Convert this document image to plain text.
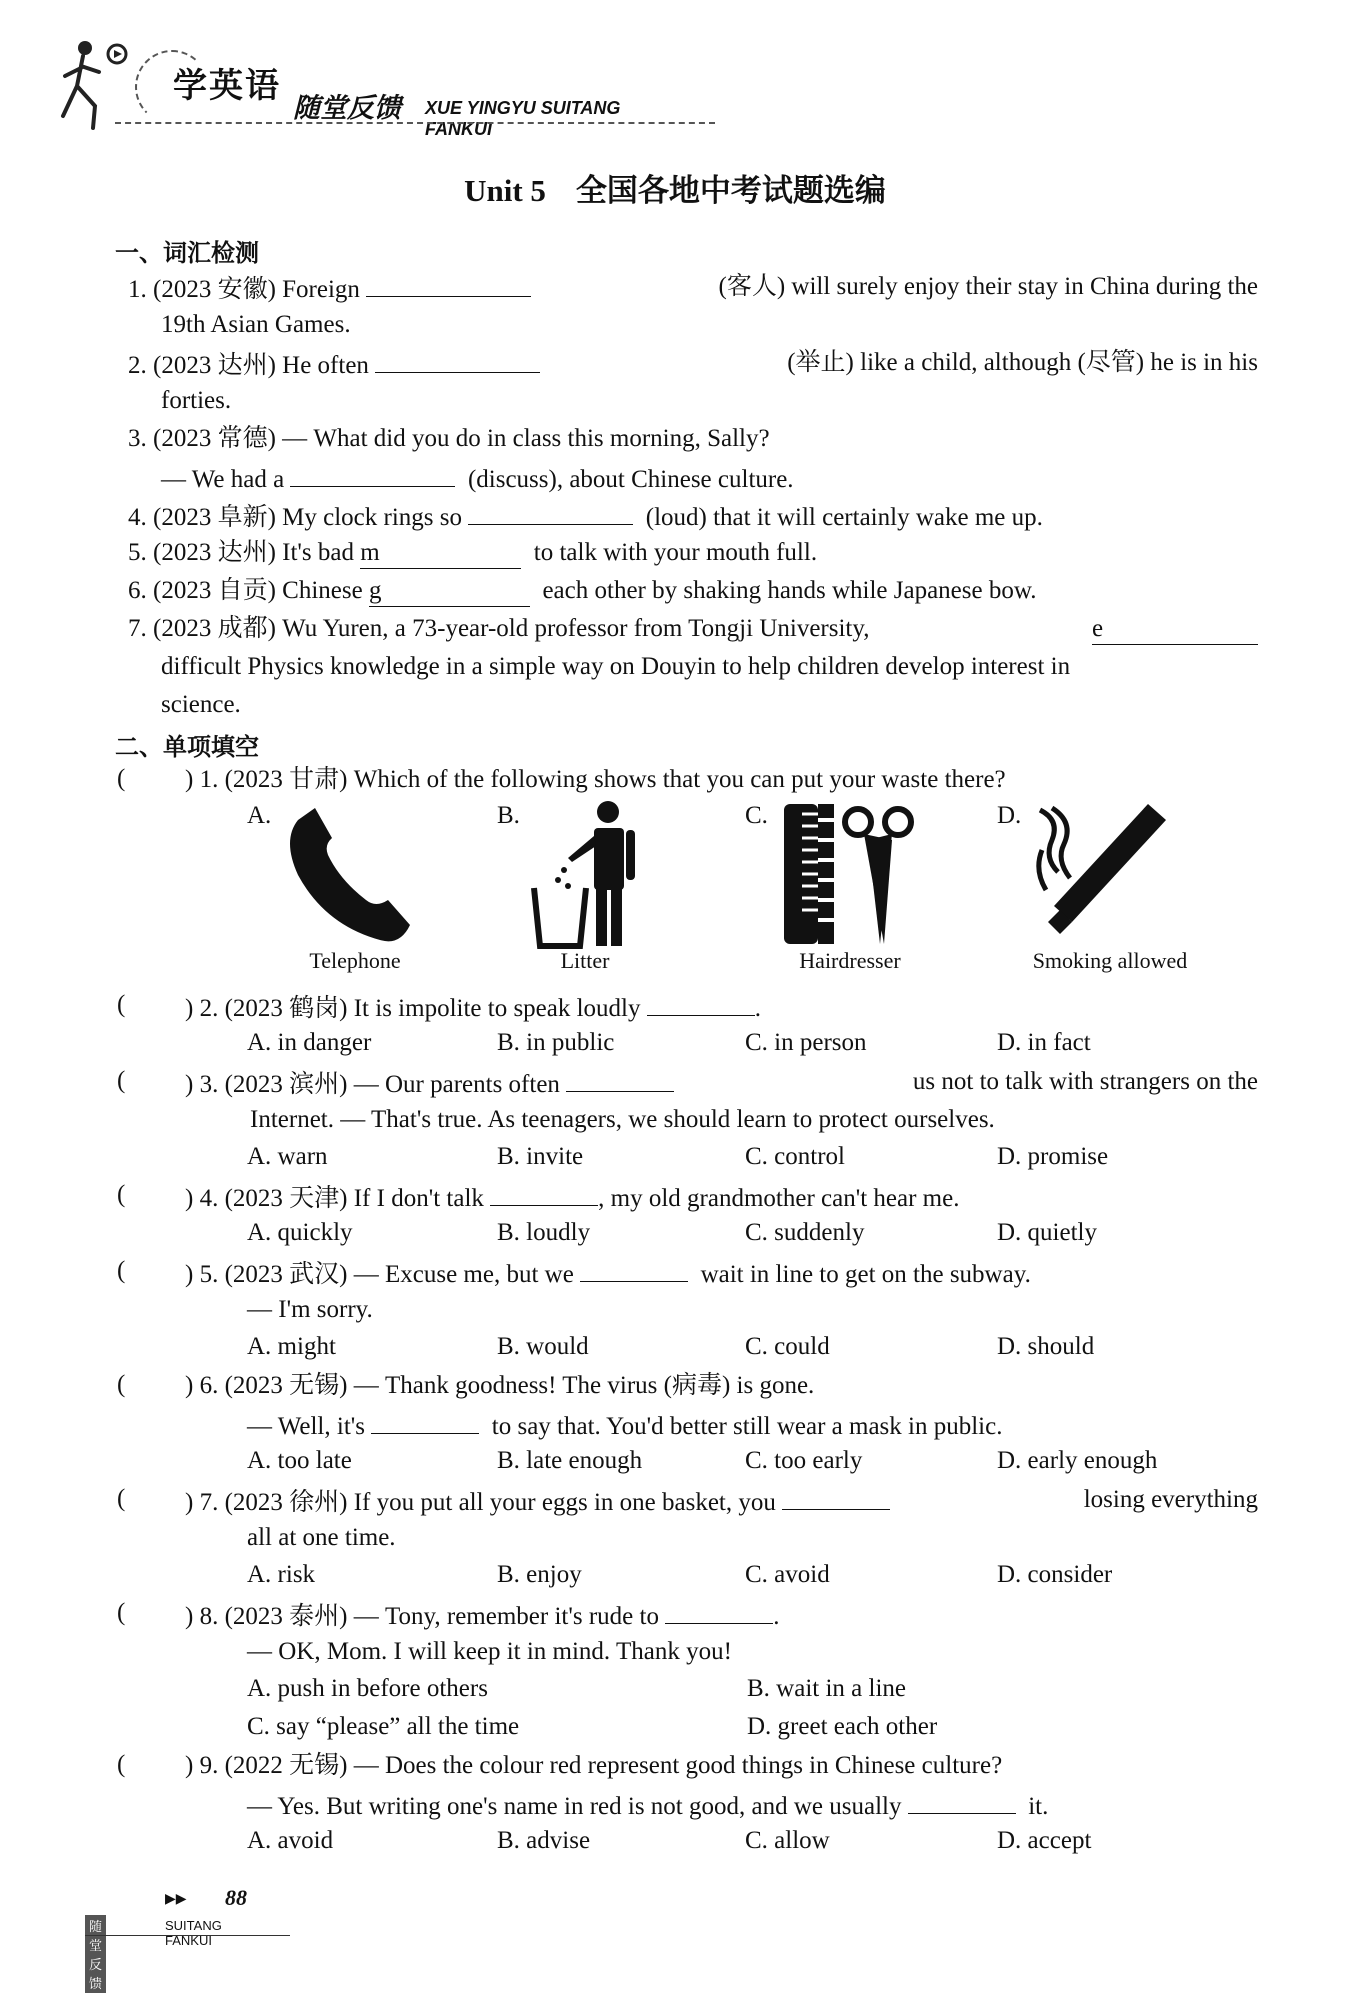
学英语
随堂反馈 XUE YINGYU SUITANG FANKUI
Unit 5 全国各地中考试题选编
一、词汇检测
1. (2023 安徽) Foreign	(客人) will surely enjoy their stay in China during the
19th Asian Games.
2. (2023 达州) He often	(举止) like a child, although (尽管) he is in his
forties.
3. (2023 常德) — What did you do in class this morning, Sally?
— We had a	(discuss), about Chinese culture.
4. (2023 阜新) My clock rings so	(loud) that it will certainly wake me up.
5. (2023 达州) It's bad m	to talk with your mouth full.
6. (2023 自贡) Chinese g	each other by shaking hands while Japanese bow.
7. (2023 成都) Wu Yuren, a 73-year-old professor from Tongji University,	e
difficult Physics knowledge in a simple way on Douyin to help children develop interest in
science.
二、单项填空
(	) 1. (2023 甘肃) Which of the following shows that you can put your waste there?
A.	B.	C.	D.
Telephone	Litter	Hairdresser	Smoking allowed
(	) 2. (2023 鹤岗) It is impolite to speak loudly	.
A. in danger	B. in public	C. in person	D. in fact
(	) 3. (2023 滨州) — Our parents often	us not to talk with strangers on the
Internet. — That's true. As teenagers, we should learn to protect ourselves.
A. warn	B. invite	C. control	D. promise
(	) 4. (2023 天津) If I don't talk	, my old grandmother can't hear me.
A. quickly	B. loudly	C. suddenly	D. quietly
(	) 5. (2023 武汉) — Excuse me, but we	wait in line to get on the subway.
— I'm sorry.
A. might	B. would	C. could	D. should
(	) 6. (2023 无锡) — Thank goodness! The virus (病毒) is gone.
— Well, it's	to say that. You'd better still wear a mask in public.
A. too late	B. late enough	C. too early	D. early enough
(	) 7. (2023 徐州) If you put all your eggs in one basket, you	losing everything
all at one time.
A. risk	B. enjoy	C. avoid	D. consider
(	) 8. (2023 泰州) — Tony, remember it's rude to	.
— OK, Mom. I will keep it in mind. Thank you!
A. push in before others	B. wait in a line
C. say “please” all the time	D. greet each other
(	) 9. (2022 无锡) — Does the colour red represent good things in Chinese culture?
— Yes. But writing one's name in red is not good, and we usually	it.
A. avoid	B. advise	C. allow	D. accept
▶▶ 88
随堂反馈
SUITANG FANKUI
